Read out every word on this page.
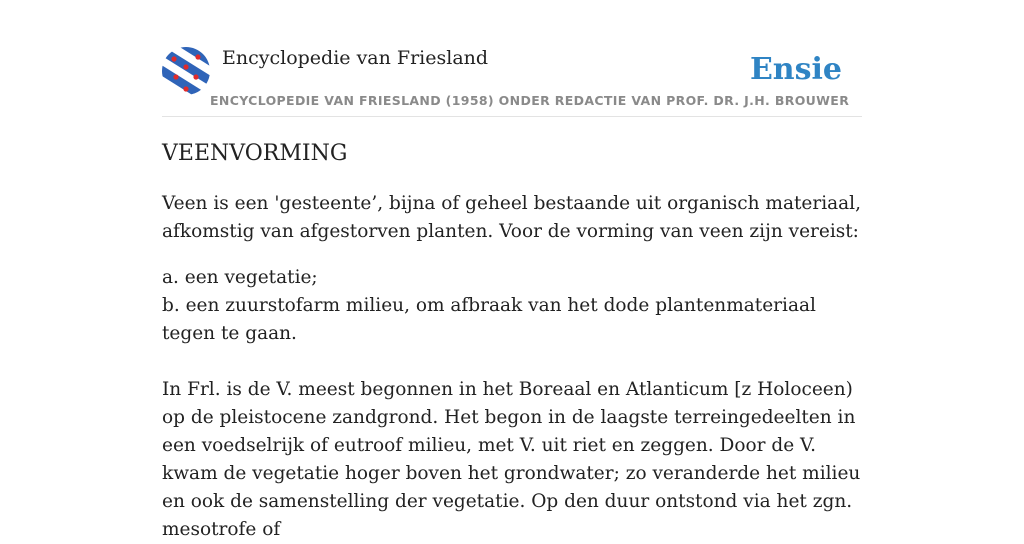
Encyclopedie van Friesland
ENCYCLOPEDIE VAN FRIESLAND (1958) ONDER REDACTIE VAN PROF. DR. J.H. BROUWER
Ensie
VEENVORMING

Veen is een 'gesteente’, bijna of geheel bestaande uit organisch materiaal, afkomstig van afgestorven planten. Voor de vorming van veen zijn vereist:

a. een vegetatie;
b. een zuurstofarm milieu, om afbraak van het dode plantenmateriaal tegen te gaan.

In Frl. is de V. meest begonnen in het Boreaal en Atlanticum [z Holoceen) op de pleistocene zandgrond. Het begon in de laagste terreingedeelten in een voedselrijk of eutroof milieu, met V. uit riet en zeggen. Door de V. kwam de vegetatie hoger boven het grondwater; zo veranderde het milieu en ook de samenstelling der vegetatie. Op den duur ontstond via het zgn. mesotrofe of
